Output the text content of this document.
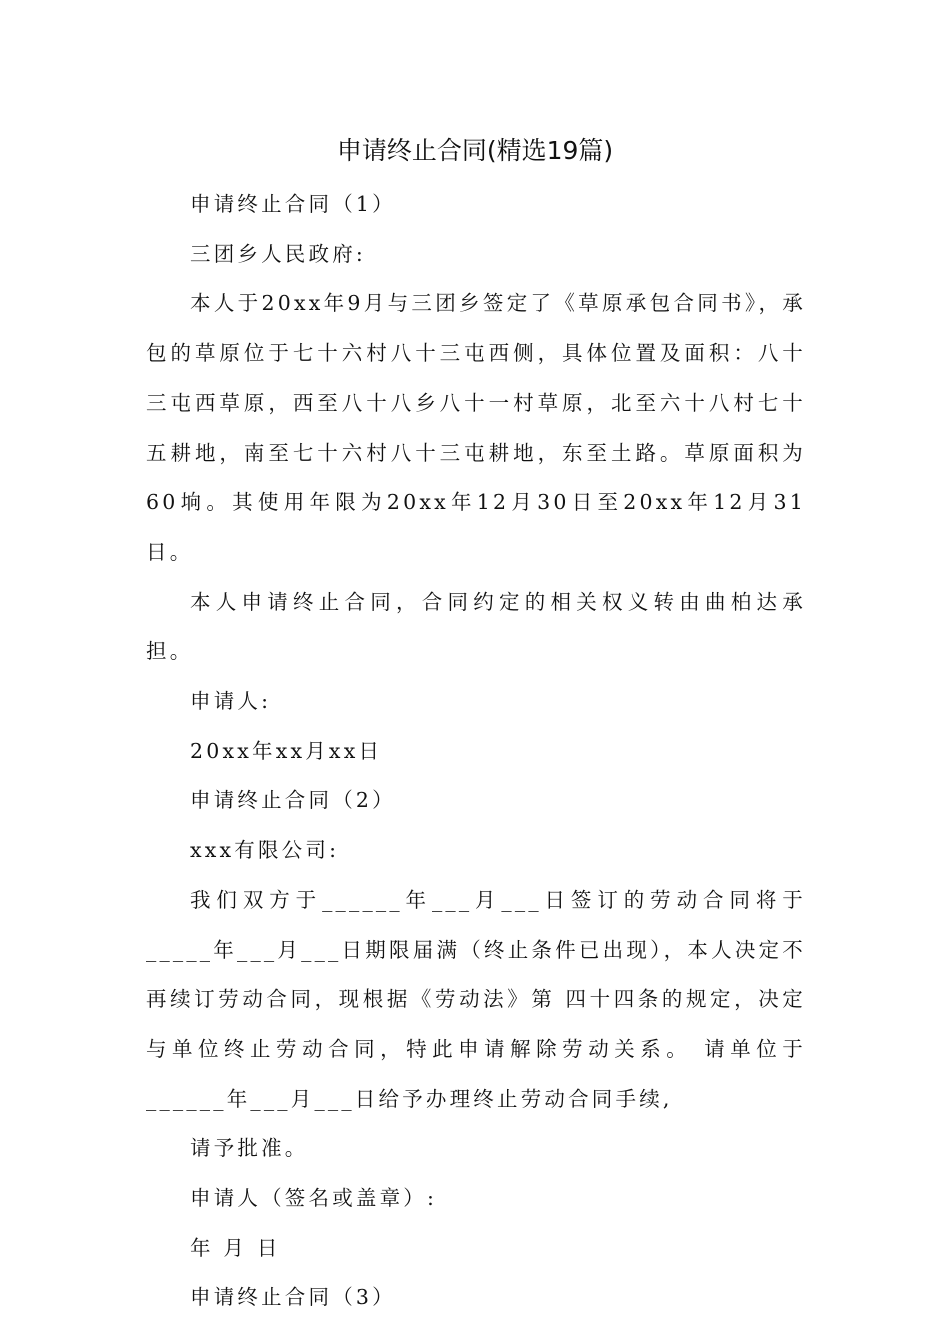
申请终止合同(精选19篇)

申请终止合同（1）

三团乡人民政府:

本人于20xx年9月与三团乡签定了《草原承包合同书》，承包的草原位于七十六村八十三屯西侧，具体位置及面积：八十三屯西草原，西至八十八乡八十一村草原，北至六十八村七十五耕地，南至七十六村八十三屯耕地，东至土路。草原面积为60垧。其使用年限为20xx年12月30日至20xx年12月31日。

本人申请终止合同，合同约定的相关权义转由曲柏达承担。

申请人:

20xx年xx月xx日

申请终止合同（2）

xxx有限公司:

我们双方于______年___月___日签订的劳动合同将于_____年___月___日期限届满（终止条件已出现），本人决定不再续订劳动合同，现根据《劳动法》第 四十四条的规定，决定与单位终止劳动合同，特此申请解除劳动关系。 请单位于______年___月___日给予办理终止劳动合同手续,

请予批准。

申请人（签名或盖章）:

年 月 日

申请终止合同（3）
